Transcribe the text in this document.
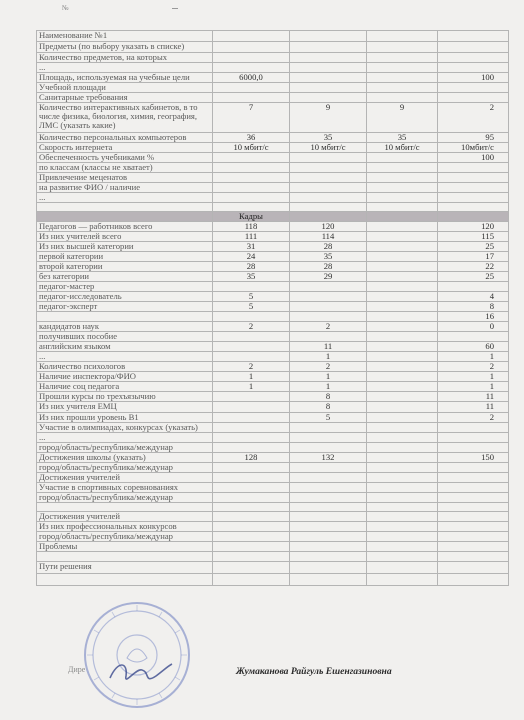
№
Наименование №1				
Предметы (по выбору указать в списке)				
Количество предметов, на которых				
...				
Площадь, используемая на учебные цели	6000,0			100
Учебной площади				
Санитарные требования				
Количество интерактивных кабинетов, в то числе физика, биология, химия, география, ЛМС (указать какие)	7	9	9	2
Количество персональных компьютеров	36	35	35	95
Скорость интернета	10 мбит/с	10 мбит/с	10 мбит/с	10мбит/с
Обеспеченность учебниками %				100
по классам (классы не хватает)				
Привлечение меценатов				
на развитие ФИО / наличие				
...				

	Кадры			
Педагогов — работников всего	118	120		120
Из них учителей всего	111	114		115
Из них высшей категории	31	28		25
первой категории	24	35		17
второй категории	28	28		22
без категории	35	29		25
педагог-мастер				
педагог-исследователь	5			4
педагог-эксперт	5			8
				16
кандидатов наук	2	2		0
получивших пособие				
английским языком		11		60
...		1		1
Количество психологов	2	2		2
Наличие инспектора/ФИО	1	1		1
Наличие соц педагога	1	1		1
Прошли курсы по трехъязычию		8		11
Из них учителя ЕМЦ		8		11
Из них прошли уровень В1		5		2
Участие в олимпиадах, конкурсах (указать)				
...				
город/область/республика/междунар				
Достижения школы (указать)	128	132		150
город/область/республика/междунар				
Достижения учителей				
Участие в спортивных соревнованиях				
город/область/республика/междунар				

Достижения учителей				
Из них профессиональных конкурсов				
город/область/республика/междунар				
Проблемы				

Пути решения				

Дире	Жумаканова Райгуль Ешенгазиновна
